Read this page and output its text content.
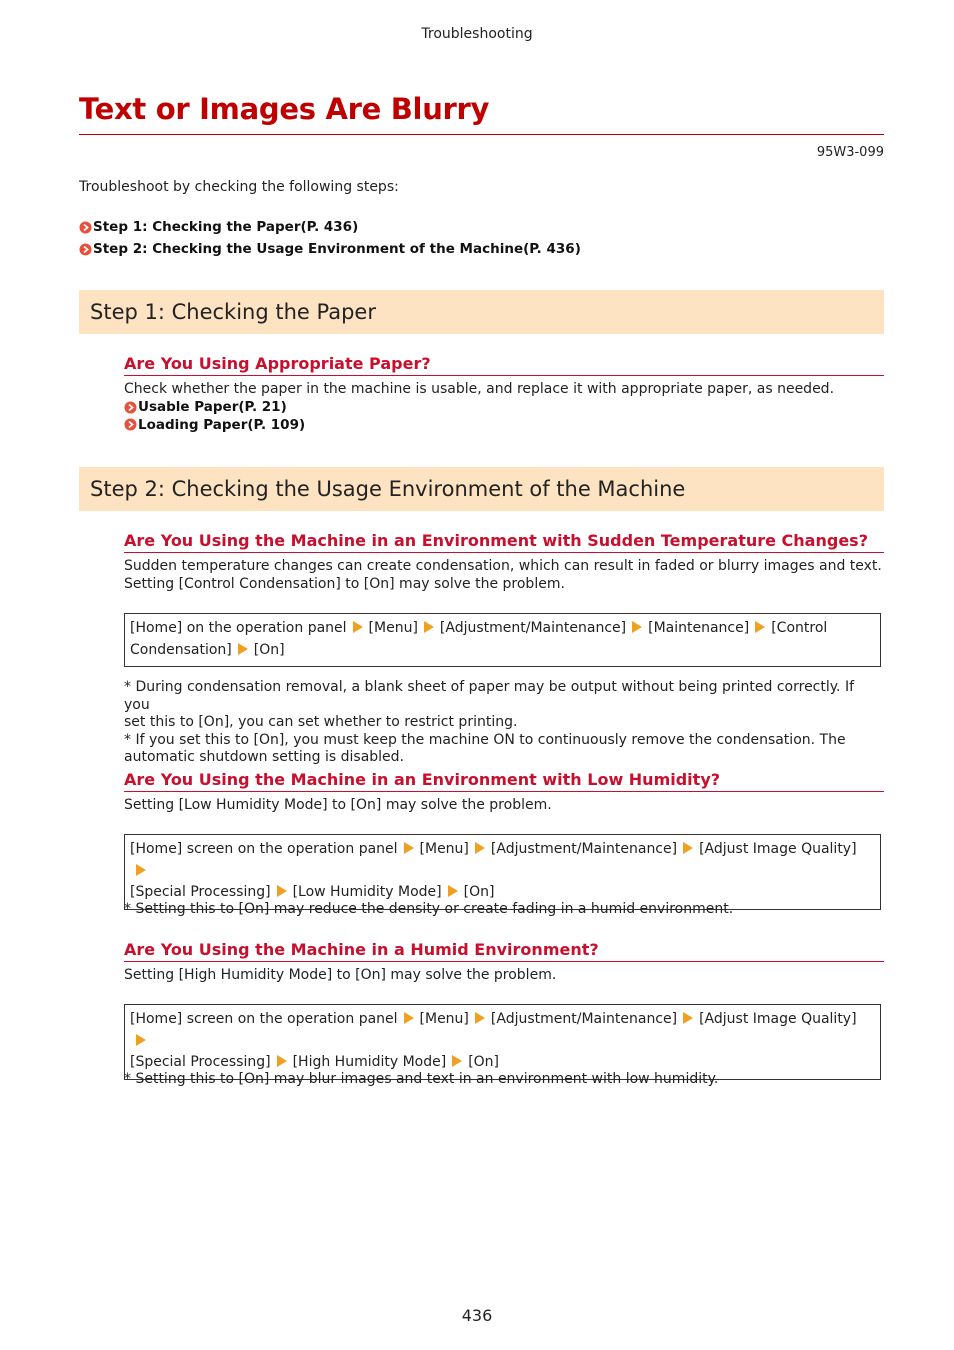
Troubleshooting
Text or Images Are Blurry
95W3-099
Troubleshoot by checking the following steps:
Step 1: Checking the Paper(P. 436)
Step 2: Checking the Usage Environment of the Machine(P. 436)
Step 1: Checking the Paper
Are You Using Appropriate Paper?
Check whether the paper in the machine is usable, and replace it with appropriate paper, as needed.
Usable Paper(P. 21)
Loading Paper(P. 109)
Step 2: Checking the Usage Environment of the Machine
Are You Using the Machine in an Environment with Sudden Temperature Changes?
Sudden temperature changes can create condensation, which can result in faded or blurry images and text.
Setting [Control Condensation] to [On] may solve the problem.
[Home] on the operation panel [Menu] [Adjustment/Maintenance] [Maintenance] [Control
Condensation] [On]
* During condensation removal, a blank sheet of paper may be output without being printed correctly. If you
set this to [On], you can set whether to restrict printing.
* If you set this to [On], you must keep the machine ON to continuously remove the condensation. The
automatic shutdown setting is disabled.
Are You Using the Machine in an Environment with Low Humidity?
Setting [Low Humidity Mode] to [On] may solve the problem.
[Home] screen on the operation panel [Menu] [Adjustment/Maintenance] [Adjust Image Quality]
[Special Processing] [Low Humidity Mode] [On]
* Setting this to [On] may reduce the density or create fading in a humid environment.
Are You Using the Machine in a Humid Environment?
Setting [High Humidity Mode] to [On] may solve the problem.
[Home] screen on the operation panel [Menu] [Adjustment/Maintenance] [Adjust Image Quality]
[Special Processing] [High Humidity Mode] [On]
* Setting this to [On] may blur images and text in an environment with low humidity.
436
